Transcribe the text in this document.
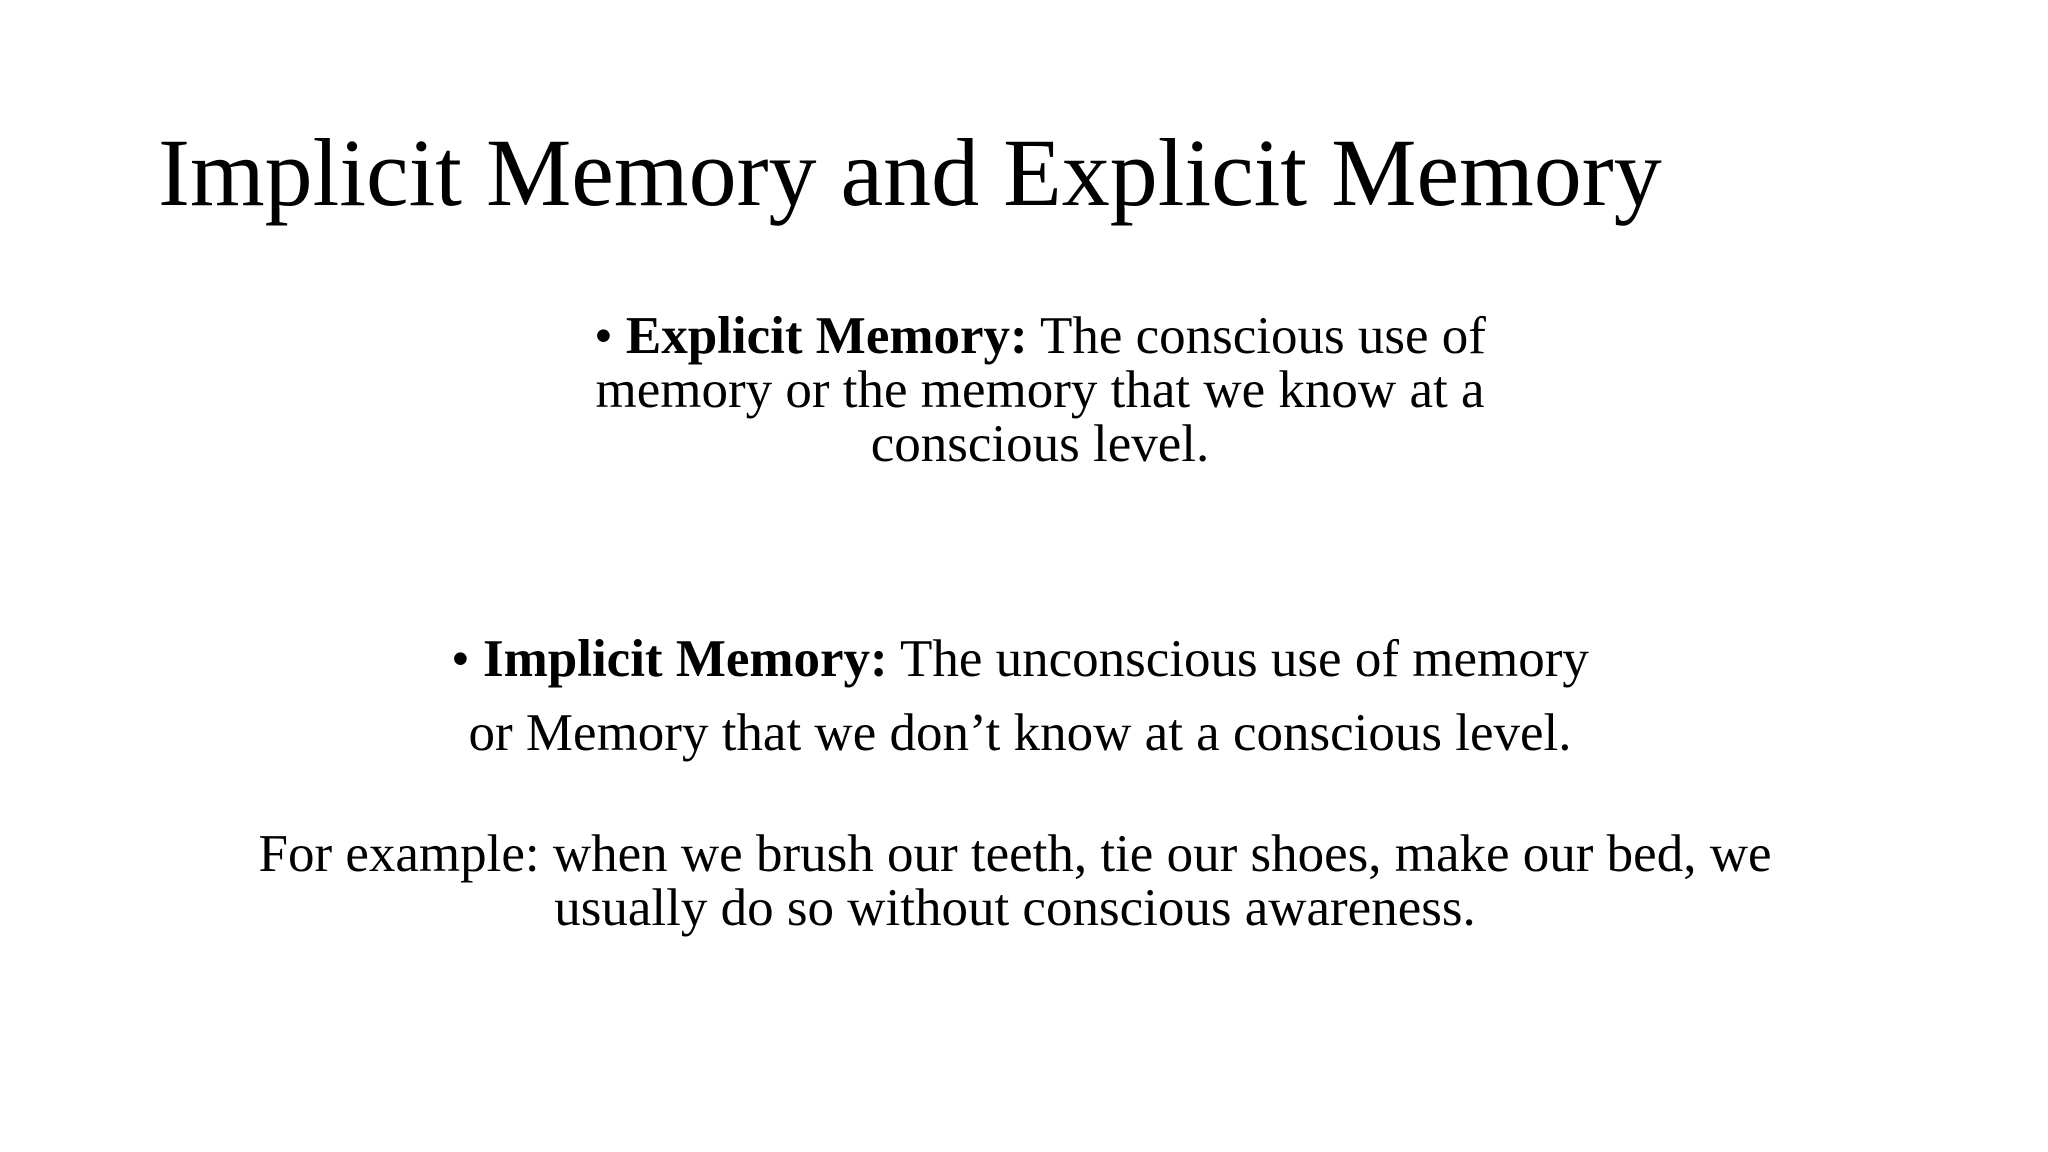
Implicit Memory and Explicit Memory

• Explicit Memory: The conscious use of

memory or the memory that we know at a

conscious level.

• Implicit Memory: The unconscious use of memory

or Memory that we don’t know at a conscious level.

For example: when we brush our teeth, tie our shoes, make our bed, we

usually do so without conscious awareness.
